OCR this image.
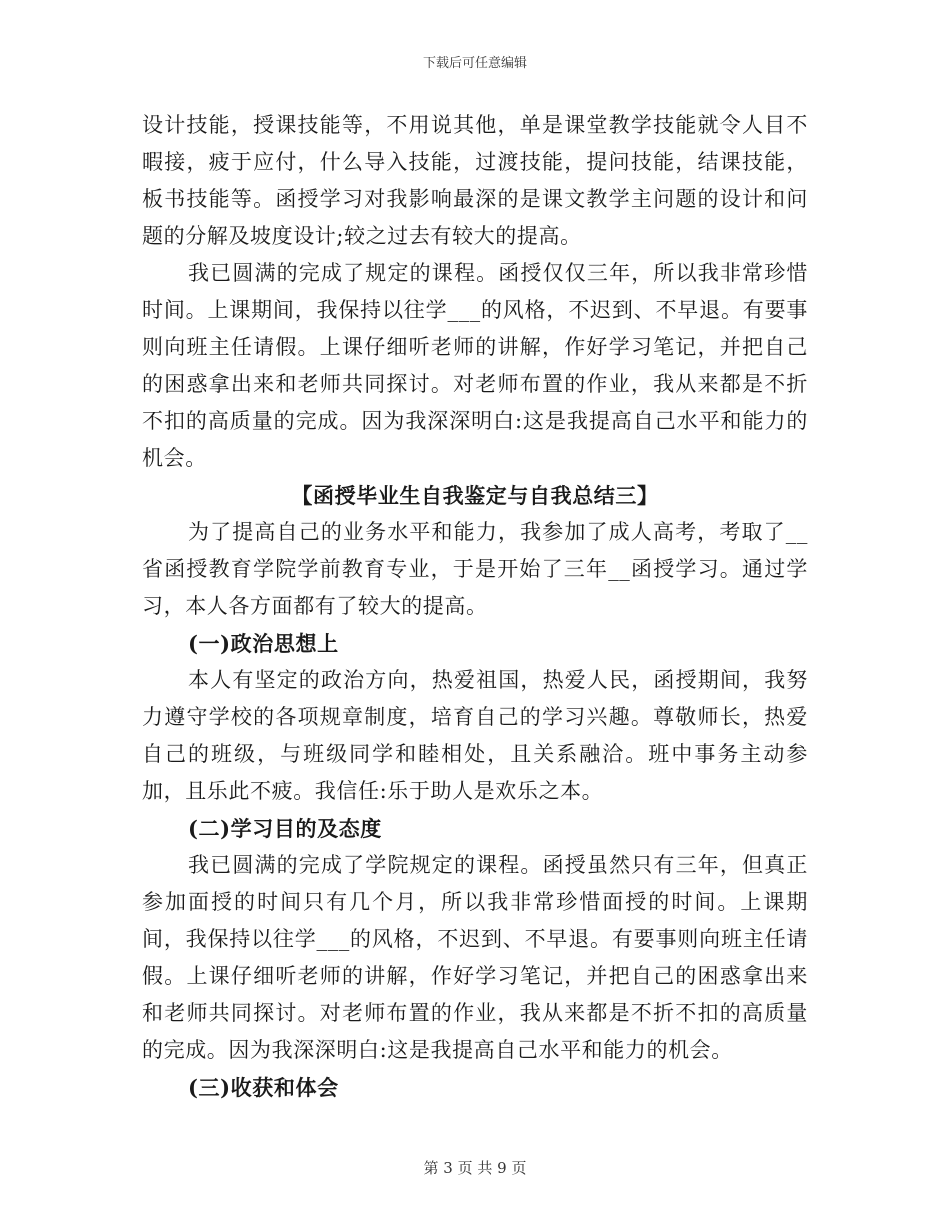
下载后可任意编辑

设计技能，授课技能等，不用说其他，单是课堂教学技能就令人目不暇接，疲于应付，什么导入技能，过渡技能，提问技能，结课技能，板书技能等。函授学习对我影响最深的是课文教学主问题的设计和问题的分解及坡度设计;较之过去有较大的提高。

我已圆满的完成了规定的课程。函授仅仅三年，所以我非常珍惜时间。上课期间，我保持以往学___的风格，不迟到、不早退。有要事则向班主任请假。上课仔细听老师的讲解，作好学习笔记，并把自己的困惑拿出来和老师共同探讨。对老师布置的作业，我从来都是不折不扣的高质量的完成。因为我深深明白:这是我提高自己水平和能力的机会。

【函授毕业生自我鉴定与自我总结三】

为了提高自己的业务水平和能力，我参加了成人高考，考取了__省函授教育学院学前教育专业，于是开始了三年__函授学习。通过学习，本人各方面都有了较大的提高。

(一)政治思想上

本人有坚定的政治方向，热爱祖国，热爱人民，函授期间，我努力遵守学校的各项规章制度，培育自己的学习兴趣。尊敬师长，热爱自己的班级，与班级同学和睦相处，且关系融洽。班中事务主动参加，且乐此不疲。我信任:乐于助人是欢乐之本。

(二)学习目的及态度

我已圆满的完成了学院规定的课程。函授虽然只有三年，但真正参加面授的时间只有几个月，所以我非常珍惜面授的时间。上课期间，我保持以往学___的风格，不迟到、不早退。有要事则向班主任请假。上课仔细听老师的讲解，作好学习笔记，并把自己的困惑拿出来和老师共同探讨。对老师布置的作业，我从来都是不折不扣的高质量的完成。因为我深深明白:这是我提高自己水平和能力的机会。

(三)收获和体会

第 3 页 共 9 页
